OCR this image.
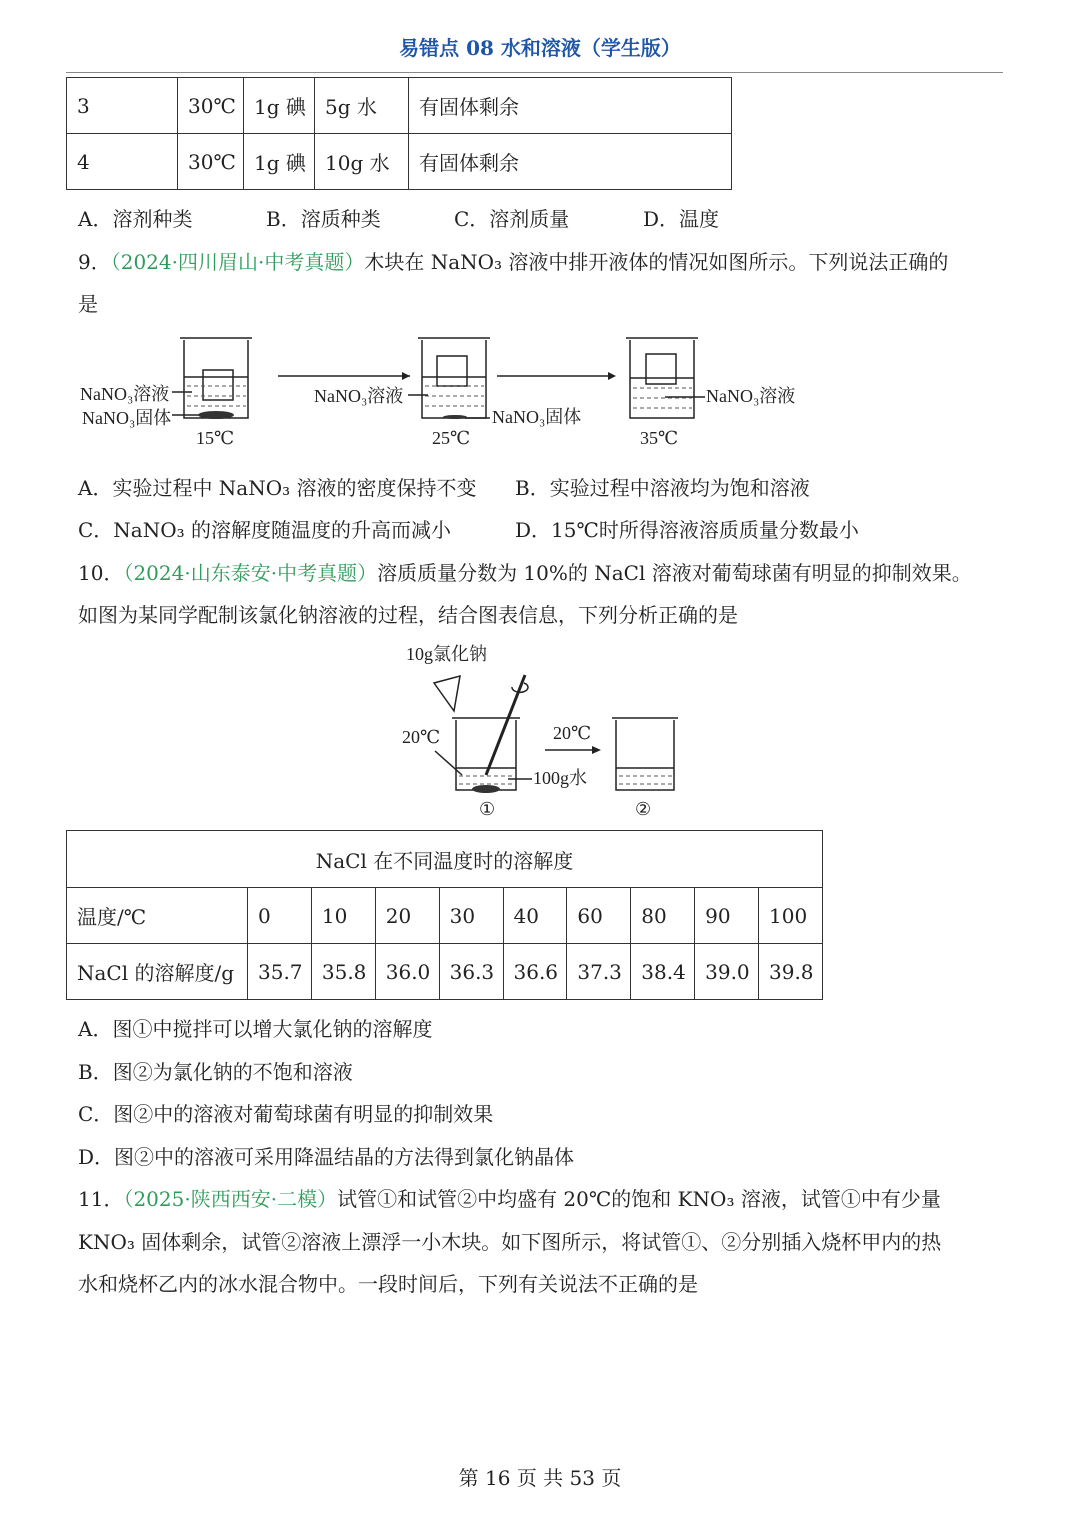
易错点 08 水和溶液（学生版）
3	30℃	1g 碘	5g 水	有固体剩余
4	30℃	1g 碘	10g 水	有固体剩余
A．溶剂种类	B．溶质种类	C．溶剂质量	D．温度
9．（2024·四川眉山·中考真题）木块在 NaNO₃ 溶液中排开液体的情况如图所示。下列说法正确的
是
NaNO₃溶液
NaNO₃固体
NaNO₃溶液
NaNO₃固体
NaNO₃溶液
15℃	25℃	35℃
A．实验过程中 NaNO₃ 溶液的密度保持不变 B．实验过程中溶液均为饱和溶液
C．NaNO₃ 的溶解度随温度的升高而减小	D．15℃时所得溶液溶质质量分数最小
10．（2024·山东泰安·中考真题）溶质质量分数为 10%的 NaCl 溶液对葡萄球菌有明显的抑制效果。
如图为某同学配制该氯化钠溶液的过程，结合图表信息，下列分析正确的是
10g氯化钠
20℃	20℃
100g水
①	②
NaCl 在不同温度时的溶解度									
温度/℃	0	10	20	30	40	60	80	90	100
NaCl 的溶解度/g	35.7	35.8	36.0	36.3	36.6	37.3	38.4	39.0	39.8
A．图①中搅拌可以增大氯化钠的溶解度
B．图②为氯化钠的不饱和溶液
C．图②中的溶液对葡萄球菌有明显的抑制效果
D．图②中的溶液可采用降温结晶的方法得到氯化钠晶体
11．（2025·陕西西安·二模）试管①和试管②中均盛有 20℃的饱和 KNO₃ 溶液，试管①中有少量
KNO₃ 固体剩余，试管②溶液上漂浮一小木块。如下图所示，将试管①、②分别插入烧杯甲内的热
水和烧杯乙内的冰水混合物中。一段时间后，下列有关说法不正确的是
第 16 页 共 53 页
